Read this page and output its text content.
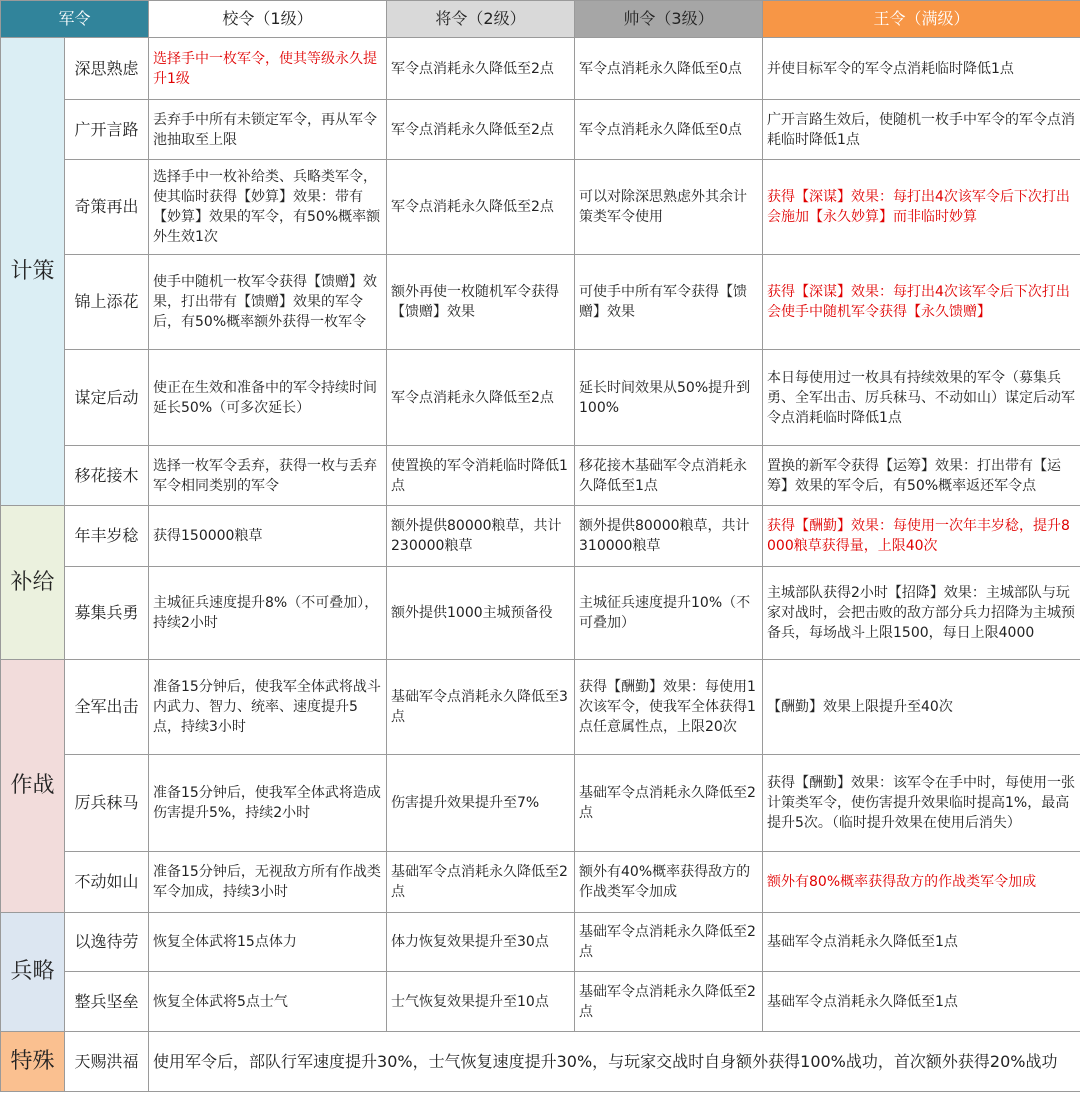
军令		校令（1级）	将令（2级）	帅令（3级）	王令（满级）
计策	深思熟虑	选择手中一枚军令，使其等级永久提升1级	军令点消耗永久降低至2点	军令点消耗永久降低至0点	并使目标军令的军令点消耗临时降低1点
	广开言路	丢弃手中所有未锁定军令，再从军令池抽取至上限	军令点消耗永久降低至2点	军令点消耗永久降低至0点	广开言路生效后，使随机一枚手中军令的军令点消耗临时降低1点
	奇策再出	选择手中一枚补给类、兵略类军令，使其临时获得【妙算】效果：带有【妙算】效果的军令，有50%概率额外生效1次	军令点消耗永久降低至2点	可以对除深思熟虑外其余计策类军令使用	获得【深谋】效果：每打出4次该军令后下次打出会施加【永久妙算】而非临时妙算
	锦上添花	使手中随机一枚军令获得【馈赠】效果，打出带有【馈赠】效果的军令后，有50%概率额外获得一枚军令	额外再使一枚随机军令获得【馈赠】效果	可使手中所有军令获得【馈赠】效果	获得【深谋】效果：每打出4次该军令后下次打出会使手中随机军令获得【永久馈赠】
	谋定后动	使正在生效和准备中的军令持续时间延长50%（可多次延长）	军令点消耗永久降低至2点	延长时间效果从50%提升到100%	本日每使用过一枚具有持续效果的军令（募集兵勇、全军出击、厉兵秣马、不动如山）谋定后动军令点消耗临时降低1点
	移花接木	选择一枚军令丢弃，获得一枚与丢弃军令相同类别的军令	使置换的军令消耗临时降低1点	移花接木基础军令点消耗永久降低至1点	置换的新军令获得【运筹】效果：打出带有【运筹】效果的军令后，有50%概率返还军令点
补给	年丰岁稔	获得150000粮草	额外提供80000粮草，共计230000粮草	额外提供80000粮草，共计310000粮草	获得【酬勤】效果：每使用一次年丰岁稔，提升8000粮草获得量，上限40次
	募集兵勇	主城征兵速度提升8%（不可叠加），持续2小时	额外提供1000主城预备役	主城征兵速度提升10%（不可叠加）	主城部队获得2小时【招降】效果：主城部队与玩家对战时，会把击败的敌方部分兵力招降为主城预备兵，每场战斗上限1500，每日上限4000
作战	全军出击	准备15分钟后，使我军全体武将战斗内武力、智力、统率、速度提升5点，持续3小时	基础军令点消耗永久降低至3点	获得【酬勤】效果：每使用1次该军令，使我军全体获得1点任意属性点，上限20次	【酬勤】效果上限提升至40次
	厉兵秣马	准备15分钟后，使我军全体武将造成伤害提升5%，持续2小时	伤害提升效果提升至7%	基础军令点消耗永久降低至2点	获得【酬勤】效果：该军令在手中时，每使用一张计策类军令，使伤害提升效果临时提高1%，最高提升5次。（临时提升效果在使用后消失）
	不动如山	准备15分钟后，无视敌方所有作战类军令加成，持续3小时	基础军令点消耗永久降低至2点	额外有40%概率获得敌方的作战类军令加成	额外有80%概率获得敌方的作战类军令加成
兵略	以逸待劳	恢复全体武将15点体力	体力恢复效果提升至30点	基础军令点消耗永久降低至2点	基础军令点消耗永久降低至1点
	整兵坚垒	恢复全体武将5点士气	士气恢复效果提升至10点	基础军令点消耗永久降低至2点	基础军令点消耗永久降低至1点
特殊	天赐洪福	使用军令后，部队行军速度提升30%，士气恢复速度提升30%，与玩家交战时自身额外获得100%战功，首次额外获得20%战功			
